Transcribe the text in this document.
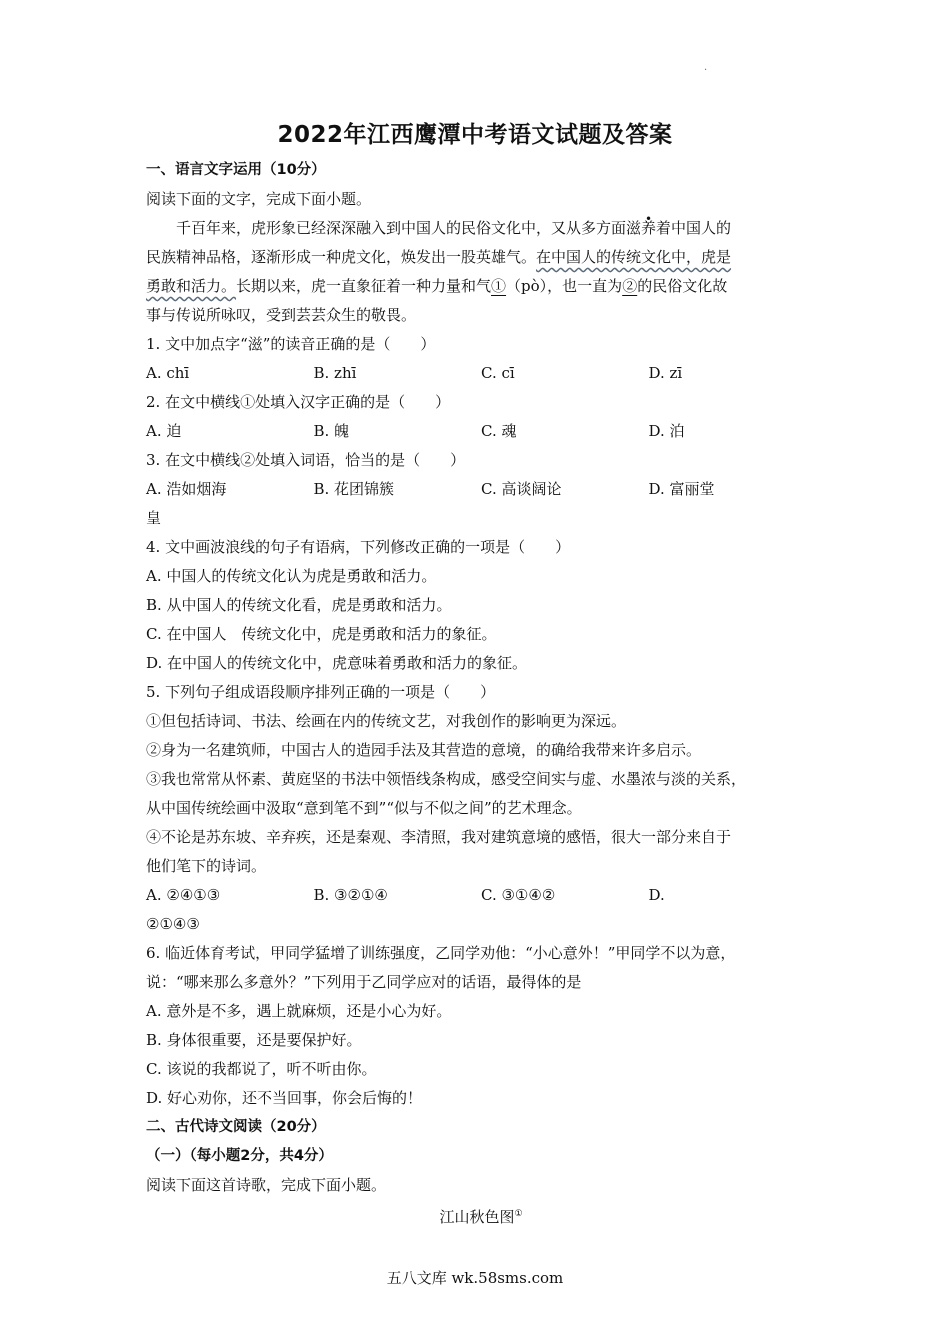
.
2022年江西鹰潭中考语文试题及答案
一、语言文字运用（10分）
阅读下面的文字，完成下面小题。
千百年来，虎形象已经深深融入到中国人的民俗文化中，又从多方面滋养着中国人的
民族精神品格，逐渐形成一种虎文化，焕发出一股英雄气。在中国人的传统文化中，虎是
勇敢和活力。长期以来，虎一直象征着一种力量和气①（pò），也一直为②的民俗文化故
事与传说所咏叹，受到芸芸众生的敬畏。
1. 文中加点字“滋”的读音正确的是（　　）
A. chī	B. zhī	C. cī	D. zī
2. 在文中横线①处填入汉字正确的是（　　）
A. 迫	B. 魄	C. 魂	D. 泊
3. 在文中横线②处填入词语，恰当的是（　　）
A. 浩如烟海	B. 花团锦簇	C. 高谈阔论	D. 富丽堂
皇
4. 文中画波浪线的句子有语病，下列修改正确的一项是（　　）
A. 中国人的传统文化认为虎是勇敢和活力。
B. 从中国人的传统文化看，虎是勇敢和活力。
C. 在中国人　传统文化中，虎是勇敢和活力的象征。
D. 在中国人的传统文化中，虎意味着勇敢和活力的象征。
5. 下列句子组成语段顺序排列正确的一项是（　　）
①但包括诗词、书法、绘画在内的传统文艺，对我创作的影响更为深远。
②身为一名建筑师，中国古人的造园手法及其营造的意境，的确给我带来许多启示。
③我也常常从怀素、黄庭坚的书法中领悟线条构成，感受空间实与虚、水墨浓与淡的关系，
从中国传统绘画中汲取“意到笔不到”“似与不似之间”的艺术理念。
④不论是苏东坡、辛弃疾，还是秦观、李清照，我对建筑意境的感悟，很大一部分来自于
他们笔下的诗词。
A. ②④①③	B. ③②①④	C. ③①④②	D.
②①④③
6. 临近体育考试，甲同学猛增了训练强度，乙同学劝他：“小心意外！”甲同学不以为意，
说：“哪来那么多意外？”下列用于乙同学应对的话语，最得体的是
A. 意外是不多，遇上就麻烦，还是小心为好。
B. 身体很重要，还是要保护好。
C. 该说的我都说了，听不听由你。
D. 好心劝你，还不当回事，你会后悔的！
二、古代诗文阅读（20分）
（一）（每小题2分，共4分）
阅读下面这首诗歌，完成下面小题。
江山秋色图①
五八文库 wk.58sms.com
